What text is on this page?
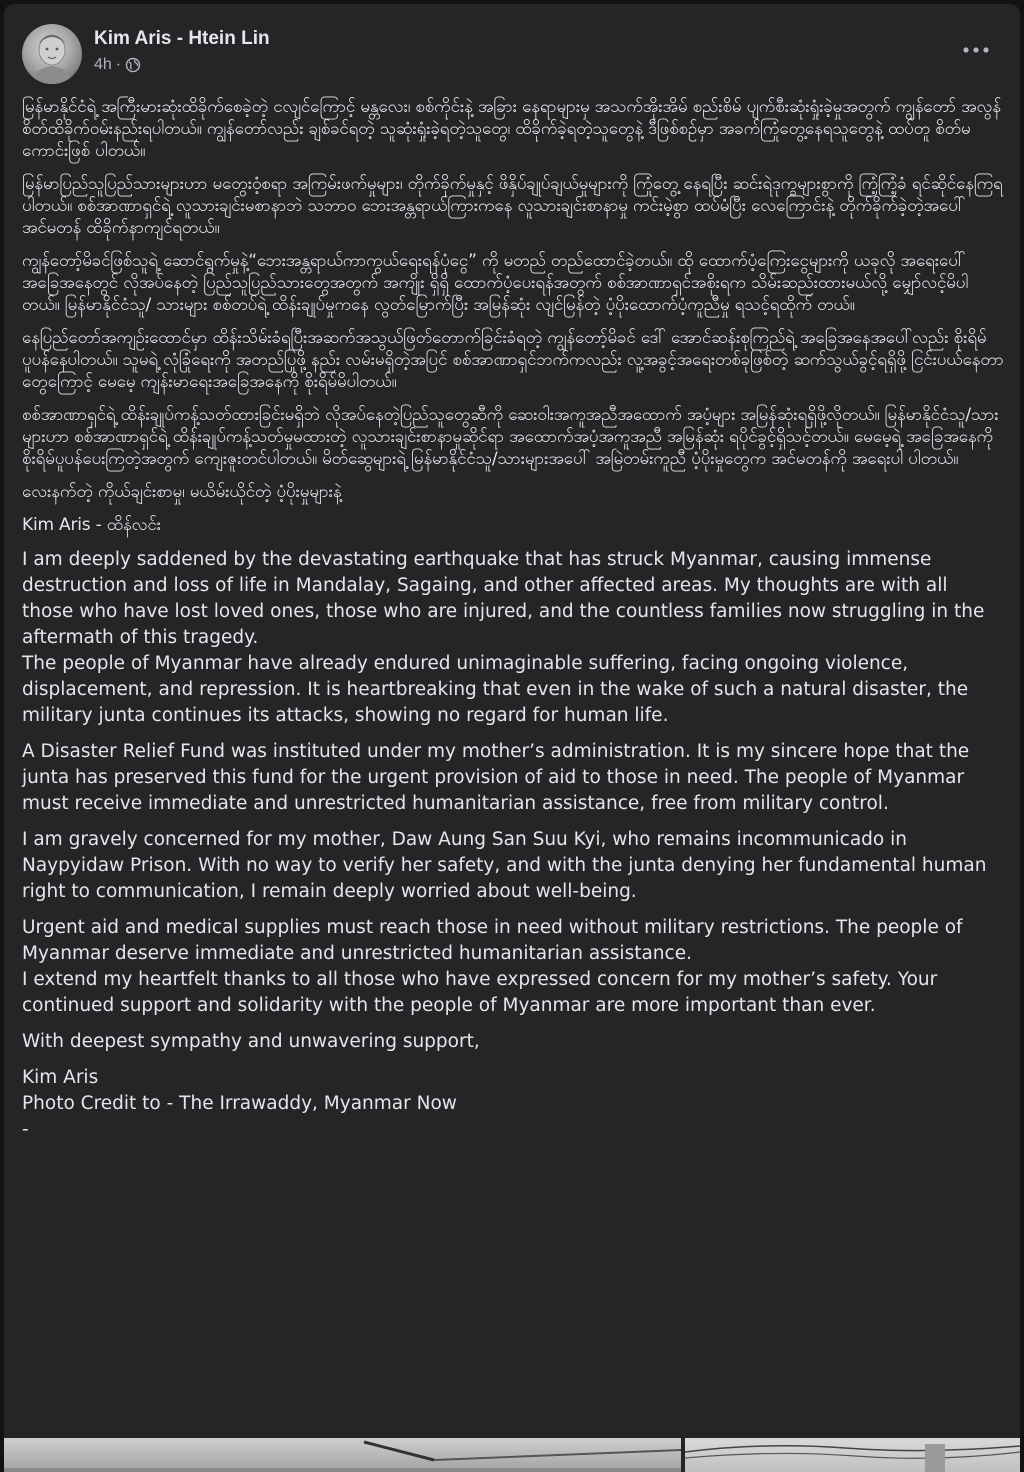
Kim Aris - Htein Lin
4h ·

မြန်မာနိုင်ငံရဲ့ အကြီးမားဆုံးထိခိုက်စေခဲ့တဲ့ ငလျင်ကြောင့် မန္တလေး၊ စစ်ကိုင်းနဲ့ အခြား နေရာများမှ အသက်အိုးအိမ် စည်းစိမ် ပျက်စီးဆုံးရှုံးခဲ့မှုအတွက် ကျွန်တော် အလွန်စိတ်ထိခိုက်ဝမ်းနည်းရပါတယ်။ ကျွန်တော်လည်း ချစ်ခင်ရတဲ့ သူဆုံးရှုံးခဲ့ရတဲ့သူတွေ၊ ထိခိုက်ခဲ့ရတဲ့သူတွေနဲ့ ဒီဖြစ်စဉ်မှာ အခက်ကြုံတွေ့နေရသူတွေနဲ့ ထပ်တူ စိတ်မကောင်းဖြစ် ပါတယ်။

မြန်မာပြည်သူပြည်သားများဟာ မတွေးဝံ့စရာ အကြမ်းဖက်မှုများ၊ တိုက်ခိုက်မှုနှင့် ဖိနှိပ်ချုပ်ချယ်မှုများကို ကြုံတွေ့ နေရပြီး ဆင်းရဲဒုက္ခများစွာကို ကြံ့ကြံ့ခံ ရင်ဆိုင်နေကြရပါတယ်။ စစ်အာဏာရှင်ရဲ့ လူသားချင်းမစာနာဘဲ သဘာဝ ဘေးအန္တရာယ်ကြားကနေ လူသားချင်းစာနာမှု ကင်းမဲ့စွာ ထပ်မံပြီး လေကြောင်းနဲ့ တိုက်ခိုက်ခဲ့တဲ့အပေါ် အင်မတန် ထိခိုက်နာကျင်ရတယ်။

ကျွန်တော့်မိခင်ဖြစ်သူရဲ့ ဆောင်ရွက်မှုနဲ့“ဘေးအန္တရာယ်ကာကွယ်ရေးရန်ပုံငွေ” ကို မတည် တည်ထောင်ခဲ့တယ်။ ထို ထောက်ပံ့ကြေးငွေများကို ယခုလို အရေးပေါ် အခြေအနေတွင် လိုအပ်နေတဲ့ ပြည်သူပြည်သားတွေအတွက် အကျိုး ရှိရှိ ထောက်ပံ့ပေးရန်အတွက် စစ်အာဏာရှင်အစိုးရက သိမ်းဆည်းထားမယ်လို့ မျှော်လင့်မိပါတယ်။ မြန်မာနိုင်ငံသူ/ သားများ စစ်တပ်ရဲ့ ထိန်းချုပ်မှုကနေ လွတ်မြောက်ပြီး အမြန်ဆုံး လျင်မြန်တဲ့ ပံ့ပိုးထောက်ပံ့ကူညီမှု ရသင့်ရထိုက် တယ်။

နေပြည်တော်အကျဉ်းထောင်မှာ ထိန်းသိမ်းခံရပြီးအဆက်အသွယ်ဖြတ်တောက်ခြင်းခံရတဲ့ ကျွန်တော့်မိခင် ဒေါ် အောင်ဆန်းစုကြည်ရဲ့ အခြေအနေအပေါ်လည်း စိုးရိမ်ပူပန်နေပါတယ်။ သူမရဲ့ လုံခြုံရေးကို အတည်ပြုဖို့ နည်း လမ်းမရှိတဲ့အပြင် စစ်အာဏာရှင်ဘက်ကလည်း လူ့အခွင့်အရေးတစ်ခုဖြစ်တဲ့ ဆက်သွယ်ခွင့်ရရှိဖို့ ငြင်းပယ်နေတာ တွေကြောင့် မေမေ့ ကျန်းမာရေးအခြေအနေကို စိုးရိမ်မိပါတယ်။

စစ်အာဏာရှင်ရဲ့ ထိန်းချုပ်ကန့်သတ်ထားခြင်းမရှိဘဲ လိုအပ်နေတဲ့ပြည်သူတွေဆီကို ဆေးဝါးအကူအညီအထောက် အပံ့များ အမြန်ဆုံးရရှိဖို့လိုတယ်။ မြန်မာနိုင်ငံသူ/သားများဟာ စစ်အာဏာရှင်ရဲ့ ထိန်းချုပ်ကန့်သတ်မှုမထားတဲ့ လူသားချင်းစာနာမှုဆိုင်ရာ အထောက်အပံ့အကူအညီ အမြန်ဆုံး ရပိုင်ခွင့်ရှိသင့်တယ်။ မေမေ့ရဲ့ အခြေအနေကို စိုးရိမ်ပူပန်ပေးကြတဲ့အတွက် ကျေးဇူးတင်ပါတယ်။ မိတ်ဆွေများရဲ့ မြန်မာနိုင်ငံသူ/သားများအပေါ် အမြဲတမ်းကူညီ ပံ့ပိုးမှုတွေက အင်မတန်ကို အရေးပါ ပါတယ်။

လေးနက်တဲ့ ကိုယ်ချင်းစာမှု၊ မယိမ်းယိုင်တဲ့ ပံ့ပိုးမှုများနဲ့

Kim Aris - ထိန်လင်း

I am deeply saddened by the devastating earthquake that has struck Myanmar, causing immense destruction and loss of life in Mandalay, Sagaing, and other affected areas. My thoughts are with all those who have lost loved ones, those who are injured, and the countless families now struggling in the aftermath of this tragedy.
The people of Myanmar have already endured unimaginable suffering, facing ongoing violence, displacement, and repression. It is heartbreaking that even in the wake of such a natural disaster, the military junta continues its attacks, showing no regard for human life.

A Disaster Relief Fund was instituted under my mother’s administration. It is my sincere hope that the junta has preserved this fund for the urgent provision of aid to those in need. The people of Myanmar must receive immediate and unrestricted humanitarian assistance, free from military control.

I am gravely concerned for my mother, Daw Aung San Suu Kyi, who remains incommunicado in Naypyidaw Prison. With no way to verify her safety, and with the junta denying her fundamental human right to communication, I remain deeply worried about well-being.

Urgent aid and medical supplies must reach those in need without military restrictions. The people of Myanmar deserve immediate and unrestricted humanitarian assistance.
I extend my heartfelt thanks to all those who have expressed concern for my mother’s safety. Your continued support and solidarity with the people of Myanmar are more important than ever.

With deepest sympathy and unwavering support,

Kim Aris
Photo Credit to - The Irrawaddy, Myanmar Now
-
